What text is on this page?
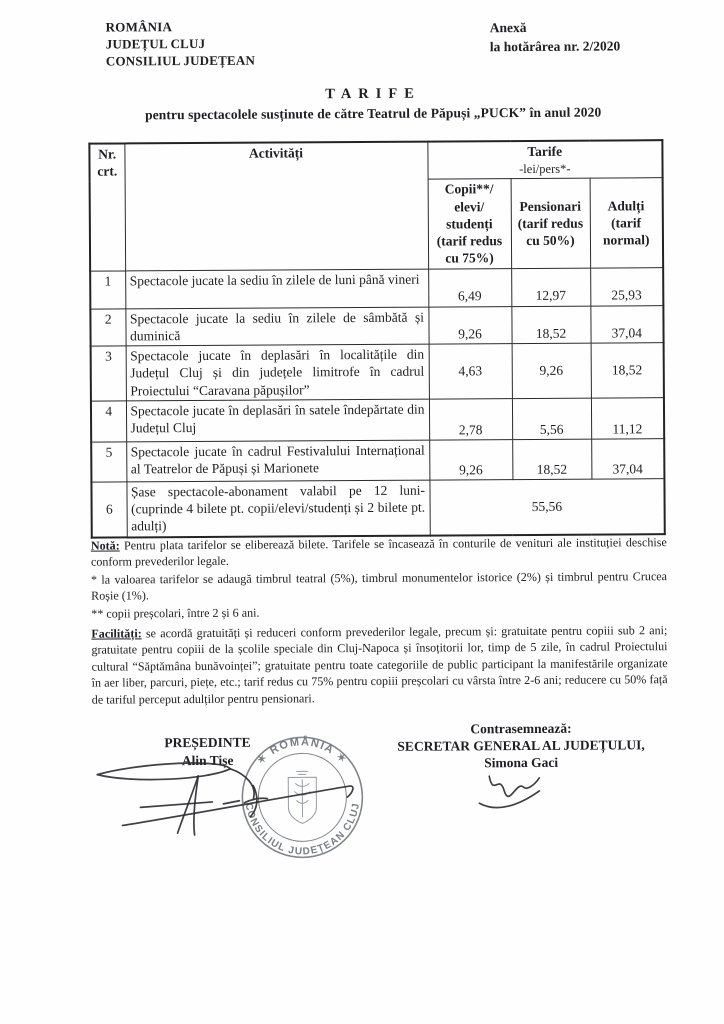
ROMÂNIA
JUDEȚUL CLUJ
CONSILIUL JUDEȚEAN
Anexă
la hotărârea nr. 2/2020
TARIFE
pentru spectacolele susținute de către Teatrul de Păpuși „PUCK” în anul 2020
Nr. crt.	Activități	Tarife
-lei/pers*-		

		Copii**/ elevi/ studenți (tarif redus cu 75%)	Pensionari (tarif redus cu 50%)	Adulți (tarif normal)
1	Spectacole jucate la sediu în zilele de luni până vineri	6,49	12,97	25,93
2	Spectacole jucate la sediu în zilele de sâmbătă și duminică	9,26	18,52	37,04
3	Spectacole jucate în deplasări în localitățile din Județul Cluj și din județele limitrofe în cadrul Proiectului “Caravana păpușilor”	4,63	9,26	18,52
4	Spectacole jucate în deplasări în satele îndepărtate din Județul Cluj	2,78	5,56	11,12
5	Spectacole jucate în cadrul Festivalului Internațional al Teatrelor de Păpuși și Marionete	9,26	18,52	37,04
6	Șase spectacole-abonament valabil pe 12 luni- (cuprinde 4 bilete pt. copii/elevi/studenți și 2 bilete pt. adulți)	55,56		

Notă: Pentru plata tarifelor se eliberează bilete. Tarifele se încasează în conturile de venituri ale instituției deschise conform prevederilor legale.

* la valoarea tarifelor se adaugă timbrul teatral (5%), timbrul monumentelor istorice (2%) și timbrul pentru Crucea Roșie (1%).

** copii preșcolari, între 2 și 6 ani.

Facilități: se acordă gratuități și reduceri conform prevederilor legale, precum și: gratuitate pentru copiii sub 2 ani; gratuitate pentru copiii de la școlile speciale din Cluj-Napoca și însoțitorii lor, timp de 5 zile, în cadrul Proiectului cultural “Săptămâna bunăvoinței”; gratuitate pentru toate categoriile de public participant la manifestările organizate în aer liber, parcuri, piețe, etc.; tarif redus cu 75% pentru copiii preșcolari cu vârsta între 2-6 ani; reducere cu 50% față de tariful perceput adulților pentru pensionari.

PREȘEDINTE
Alin Tișe
Contrasemnează:
SECRETAR GENERAL AL JUDEȚULUI,
Simona Gaci
✶ ROMÂNIA ✶
CONSILIUL JUDEȚEAN CLUJ
